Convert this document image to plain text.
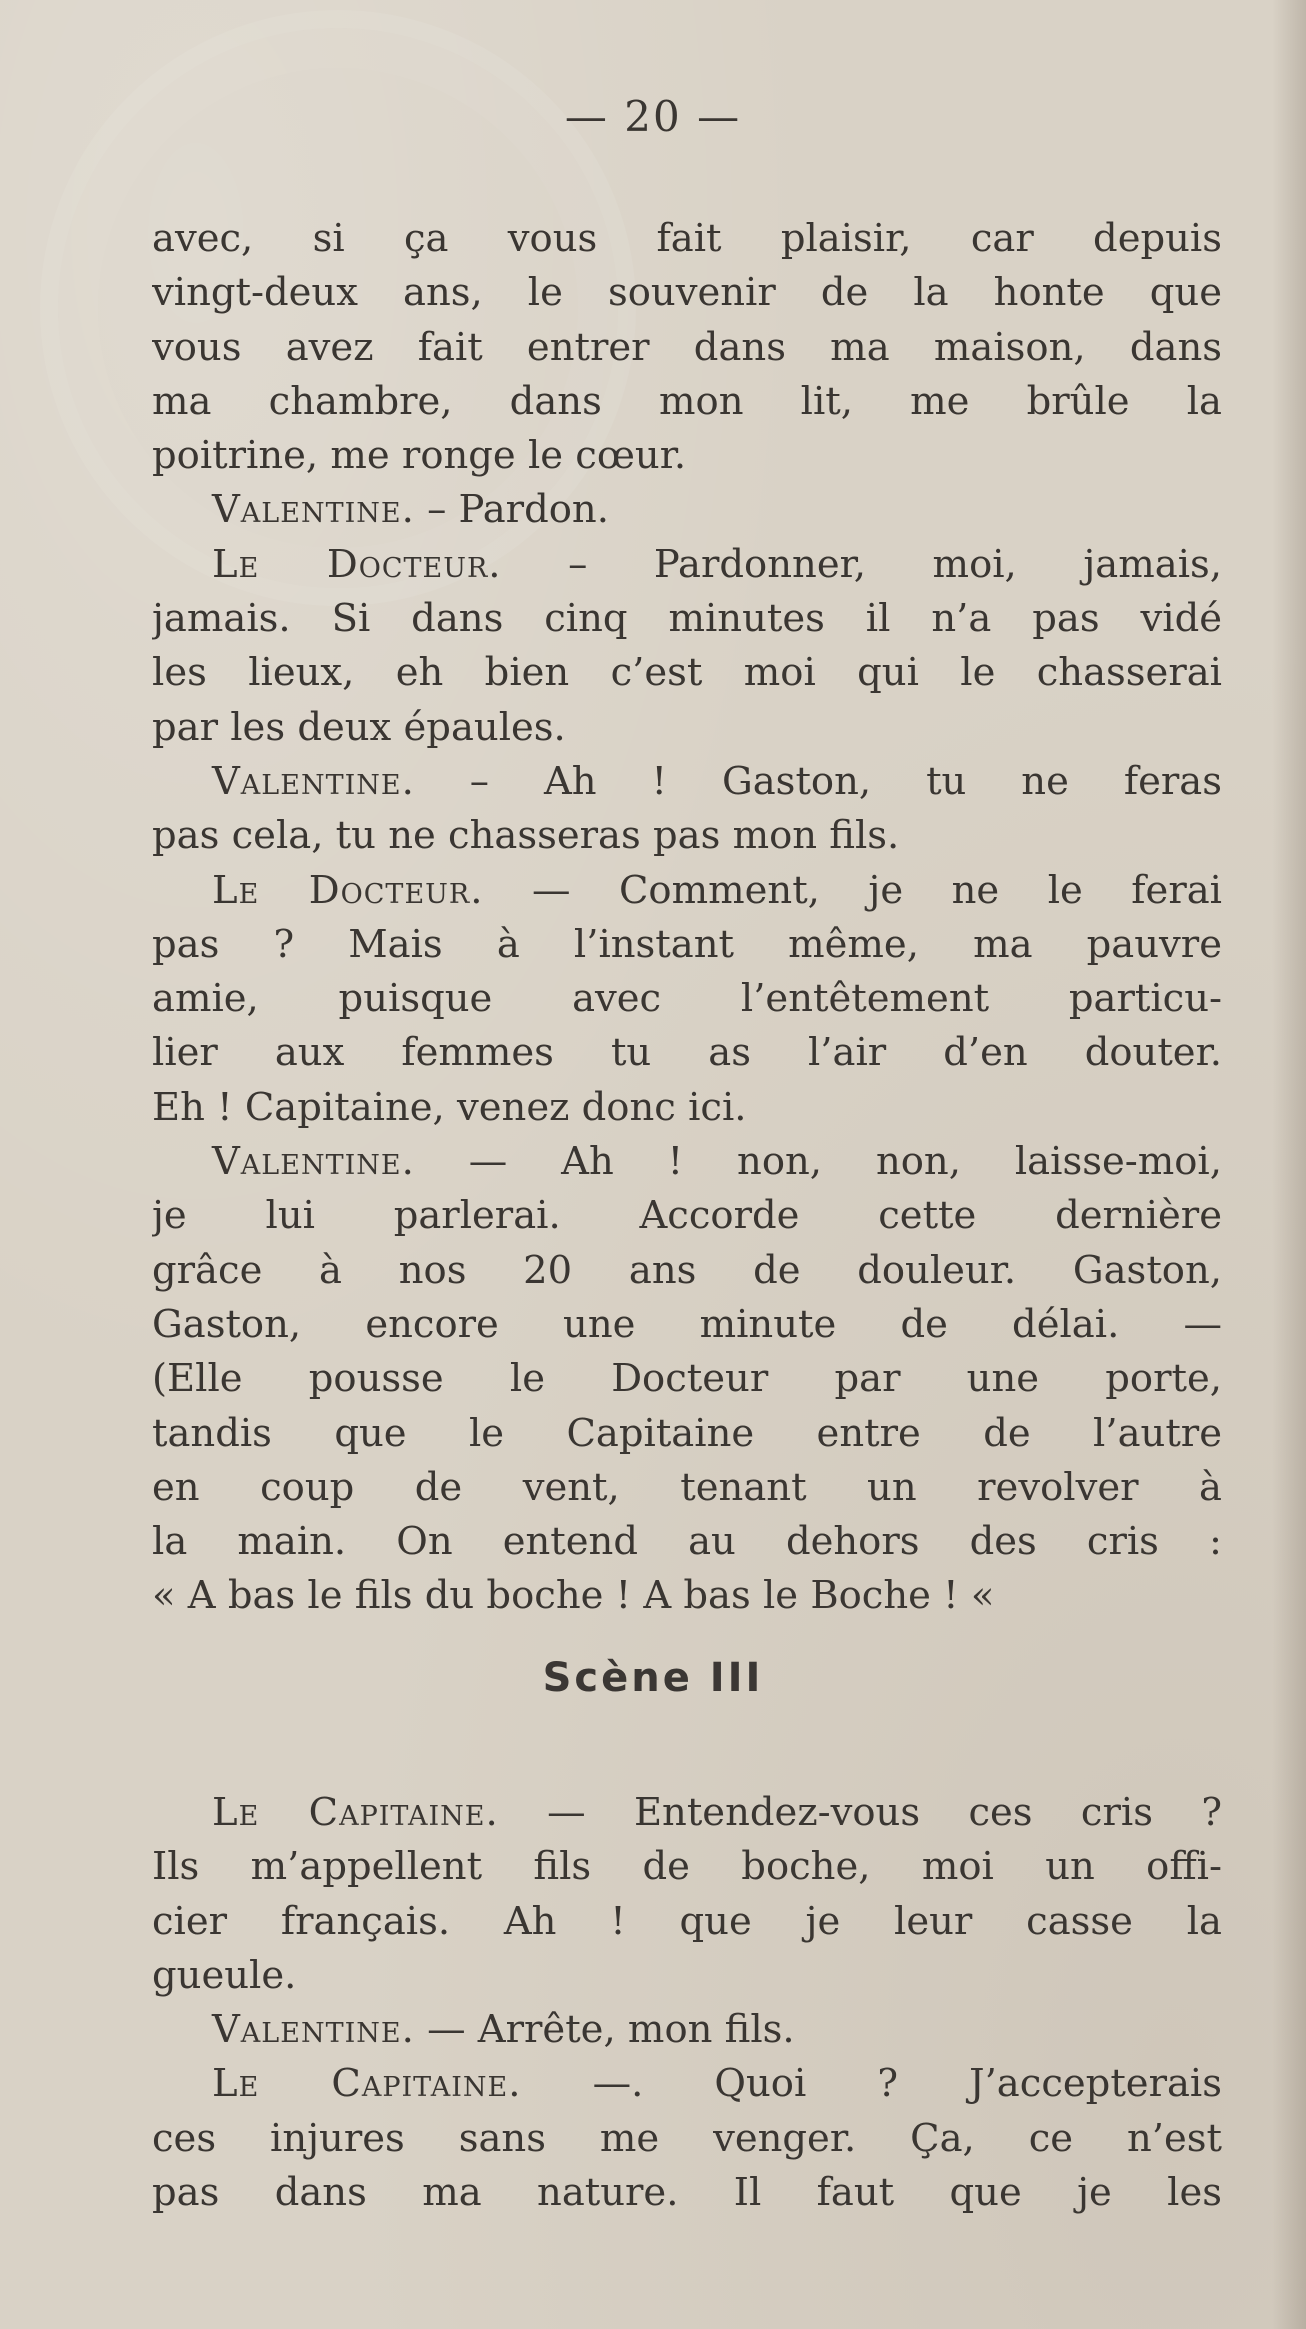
— 20 —
avec, si ça vous fait plaisir, car depuis
vingt-deux ans, le souvenir de la honte que
vous avez fait entrer dans ma maison, dans
ma chambre, dans mon lit, me brûle la
poitrine, me ronge le cœur.
Valentine. – Pardon.
Le Docteur. – Pardonner, moi, jamais,
jamais. Si dans cinq minutes il n’a pas vidé
les lieux, eh bien c’est moi qui le chasserai
par les deux épaules.
Valentine. – Ah ! Gaston, tu ne feras
pas cela, tu ne chasseras pas mon fils.
Le Docteur. — Comment, je ne le ferai
pas ? Mais à l’instant même, ma pauvre
amie, puisque avec l’entêtement particu-
lier aux femmes tu as l’air d’en douter.
Eh ! Capitaine, venez donc ici.
Valentine. — Ah ! non, non, laisse-moi,
je lui parlerai. Accorde cette dernière
grâce à nos 20 ans de douleur. Gaston,
Gaston, encore une minute de délai. —
(Elle pousse le Docteur par une porte,
tandis que le Capitaine entre de l’autre
en coup de vent, tenant un revolver à
la main. On entend au dehors des cris :
« A bas le fils du boche ! A bas le Boche ! «
Scène III
Le Capitaine. — Entendez-vous ces cris ?
Ils m’appellent fils de boche, moi un offi-
cier français. Ah ! que je leur casse la
gueule.
Valentine. — Arrête, mon fils.
Le Capitaine. —. Quoi ? J’accepterais
ces injures sans me venger. Ça, ce n’est
pas dans ma nature. Il faut que je les
